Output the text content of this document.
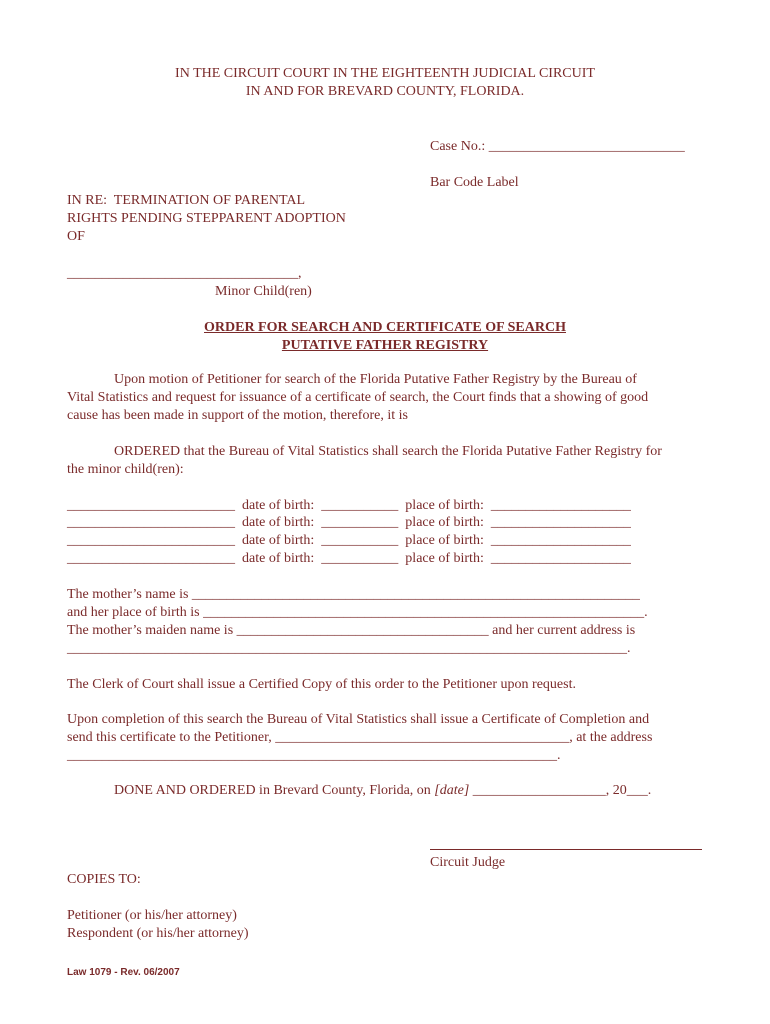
IN THE CIRCUIT COURT IN THE EIGHTEENTH JUDICIAL CIRCUIT
IN AND FOR BREVARD COUNTY, FLORIDA.
Case No.: ____________________________
Bar Code Label
IN RE:  TERMINATION OF PARENTAL
RIGHTS PENDING STEPPARENT ADOPTION
OF
_________________________________,
Minor Child(ren)
ORDER FOR SEARCH AND CERTIFICATE OF SEARCH
PUTATIVE FATHER REGISTRY
Upon motion of Petitioner for search of the Florida Putative Father Registry by the Bureau of
Vital Statistics and request for issuance of a certificate of search, the Court finds that a showing of good
cause has been made in support of the motion, therefore, it is
ORDERED that the Bureau of Vital Statistics shall search the Florida Putative Father Registry for
the minor child(ren):
________________________  date of birth:  ___________  place of birth:  ____________________
________________________  date of birth:  ___________  place of birth:  ____________________
________________________  date of birth:  ___________  place of birth:  ____________________
________________________  date of birth:  ___________  place of birth:  ____________________
The mother’s name is ________________________________________________________________
and her place of birth is _______________________________________________________________.
The mother’s maiden name is ____________________________________ and her current address is
________________________________________________________________________________.
The Clerk of Court shall issue a Certified Copy of this order to the Petitioner upon request.
Upon completion of this search the Bureau of Vital Statistics shall issue a Certificate of Completion and
send this certificate to the Petitioner, __________________________________________, at the address
______________________________________________________________________.
DONE AND ORDERED in Brevard County, Florida, on [date] ___________________, 20___.
Circuit Judge
COPIES TO:
Petitioner (or his/her attorney)
Respondent (or his/her attorney)
Law 1079 - Rev. 06/2007
